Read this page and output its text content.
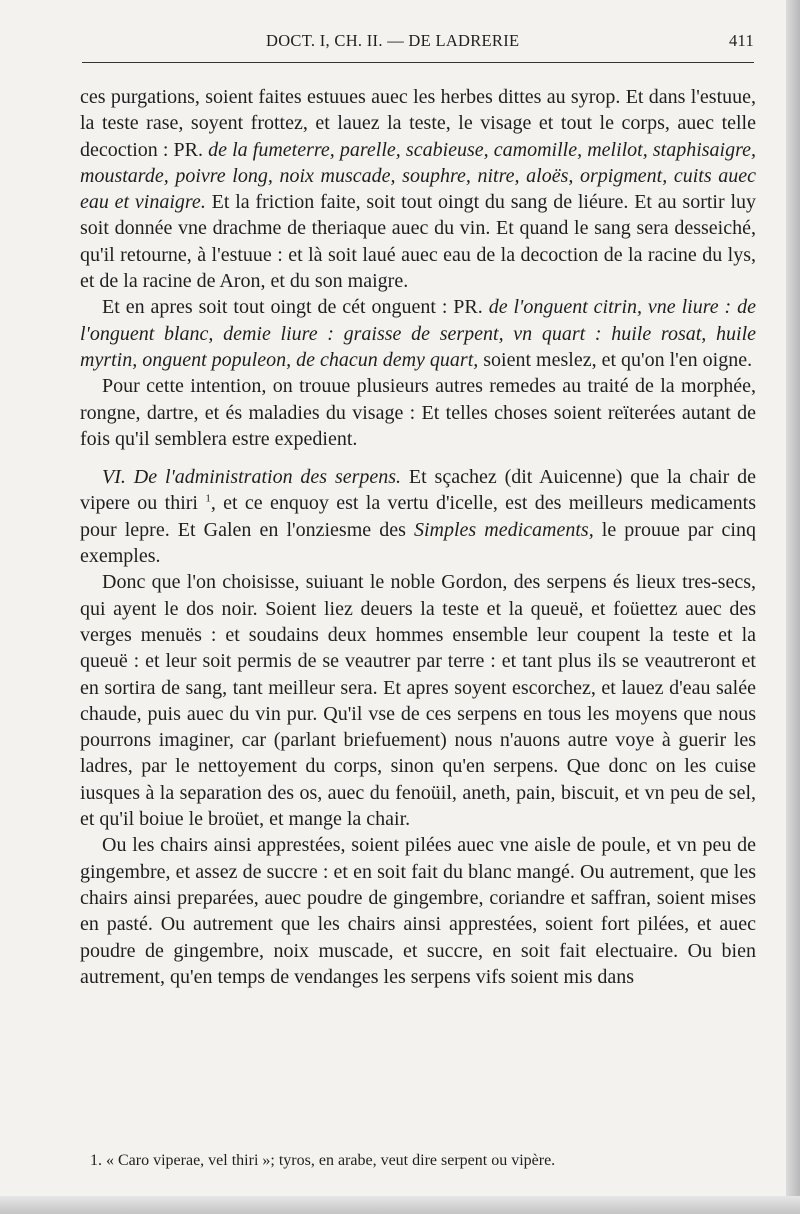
DOCT. I, CH. II. — DE LADRERIE	411

ces purgations, soient faites estuues auec les herbes dittes au syrop. Et dans l'estuue, la teste rase, soyent frottez, et lauez la teste, le visage et tout le corps, auec telle decoction : PR. de la fumeterre, parelle, scabieuse, camomille, melilot, staphisaigre, moustarde, poivre long, noix muscade, souphre, nitre, aloës, orpigment, cuits auec eau et vinaigre. Et la friction faite, soit tout oingt du sang de liéure. Et au sortir luy soit donnée vne drachme de theriaque auec du vin. Et quand le sang sera desseiché, qu'il retourne, à l'estuue : et là soit laué auec eau de la decoction de la racine du lys, et de la racine de Aron, et du son maigre.

Et en apres soit tout oingt de cét onguent : PR. de l'onguent citrin, vne liure : de l'onguent blanc, demie liure : graisse de serpent, vn quart : huile rosat, huile myrtin, onguent populeon, de chacun demy quart, soient meslez, et qu'on l'en oigne.

Pour cette intention, on trouue plusieurs autres remedes au traité de la morphée, rongne, dartre, et és maladies du visage : Et telles choses soient reïterées autant de fois qu'il semblera estre expedient.

VI. De l'administration des serpens. Et sçachez (dit Auicenne) que la chair de vipere ou thiri $^1$, et ce enquoy est la vertu d'icelle, est des meilleurs medicaments pour lepre. Et Galen en l'onziesme des Simples medicaments, le prouue par cinq exemples.

Donc que l'on choisisse, suiuant le noble Gordon, des serpens és lieux tres-secs, qui ayent le dos noir. Soient liez deuers la teste et la queuë, et foüettez auec des verges menuës : et soudains deux hommes ensemble leur coupent la teste et la queuë : et leur soit permis de se veautrer par terre : et tant plus ils se veautreront et en sortira de sang, tant meilleur sera. Et apres soyent escorchez, et lauez d'eau salée chaude, puis auec du vin pur. Qu'il vse de ces serpens en tous les moyens que nous pourrons imaginer, car (parlant briefuement) nous n'auons autre voye à guerir les ladres, par le nettoyement du corps, sinon qu'en serpens. Que donc on les cuise iusques à la separation des os, auec du fenoüil, aneth, pain, biscuit, et vn peu de sel, et qu'il boiue le broüet, et mange la chair.

Ou les chairs ainsi apprestées, soient pilées auec vne aisle de poule, et vn peu de gingembre, et assez de succre : et en soit fait du blanc mangé. Ou autrement, que les chairs ainsi preparées, auec poudre de gingembre, coriandre et saffran, soient mises en pasté. Ou autrement que les chairs ainsi apprestées, soient fort pilées, et auec poudre de gingembre, noix muscade, et succre, en soit fait electuaire. Ou bien autrement, qu'en temps de vendanges les serpens vifs soient mis dans

1. « Caro viperae, vel thiri »; tyros, en arabe, veut dire serpent ou vipère.
